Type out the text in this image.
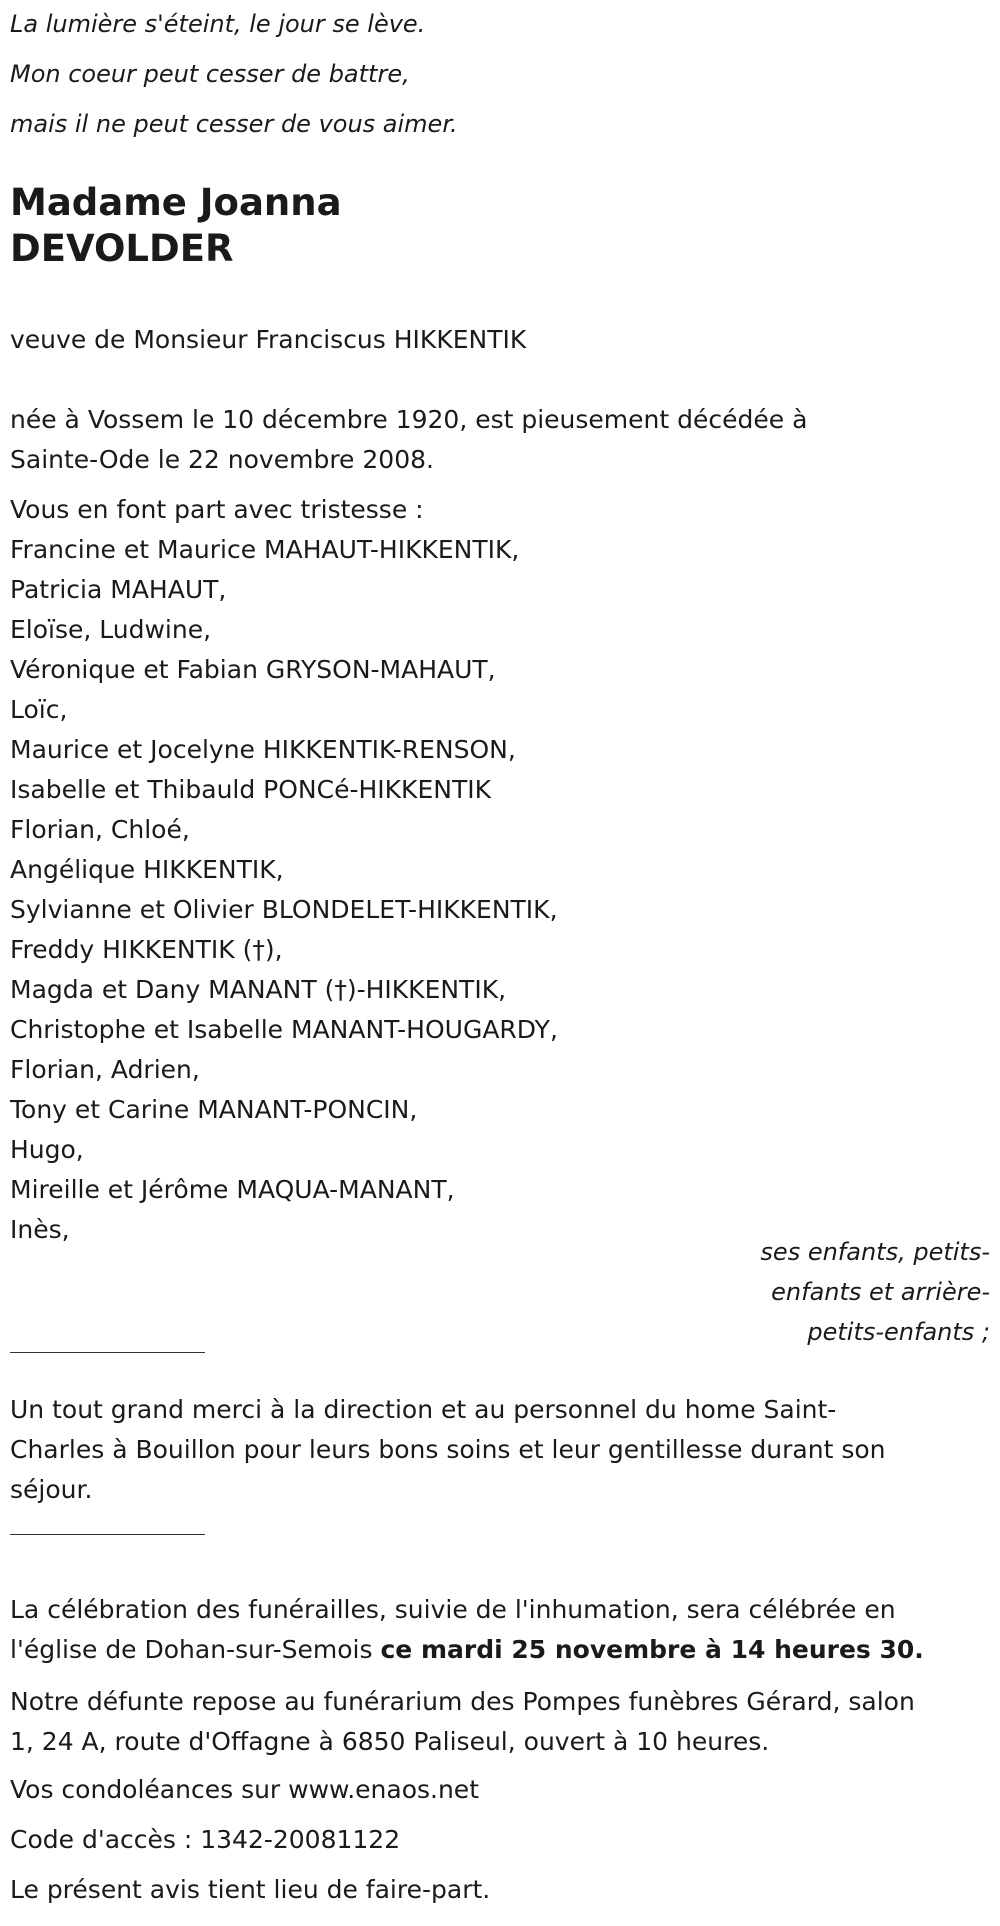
La lumière s'éteint, le jour se lève.
Mon coeur peut cesser de battre,
mais il ne peut cesser de vous aimer.
Madame Joanna
DEVOLDER
veuve de Monsieur Franciscus HIKKENTIK
née à Vossem le 10 décembre 1920, est pieusement décédée à
Sainte-Ode le 22 novembre 2008.
Vous en font part avec tristesse :
Francine et Maurice MAHAUT-HIKKENTIK,
Patricia MAHAUT,
Eloïse, Ludwine,
Véronique et Fabian GRYSON-MAHAUT,
Loïc,
Maurice et Jocelyne HIKKENTIK-RENSON,
Isabelle et Thibauld PONCé-HIKKENTIK
Florian, Chloé,
Angélique HIKKENTIK,
Sylvianne et Olivier BLONDELET-HIKKENTIK,
Freddy HIKKENTIK (†),
Magda et Dany MANANT (†)-HIKKENTIK,
Christophe et Isabelle MANANT-HOUGARDY,
Florian, Adrien,
Tony et Carine MANANT-PONCIN,
Hugo,
Mireille et Jérôme MAQUA-MANANT,
Inès,
ses enfants, petits-
enfants et arrière-
petits-enfants ;
Un tout grand merci à la direction et au personnel du home Saint-
Charles à Bouillon pour leurs bons soins et leur gentillesse durant son
séjour.
La célébration des funérailles, suivie de l'inhumation, sera célébrée en
l'église de Dohan-sur-Semois ce mardi 25 novembre à 14 heures 30.
Notre défunte repose au funérarium des Pompes funèbres Gérard, salon
1, 24 A, route d'Offagne à 6850 Paliseul, ouvert à 10 heures.
Vos condoléances sur www.enaos.net
Code d'accès : 1342-20081122
Le présent avis tient lieu de faire-part.
